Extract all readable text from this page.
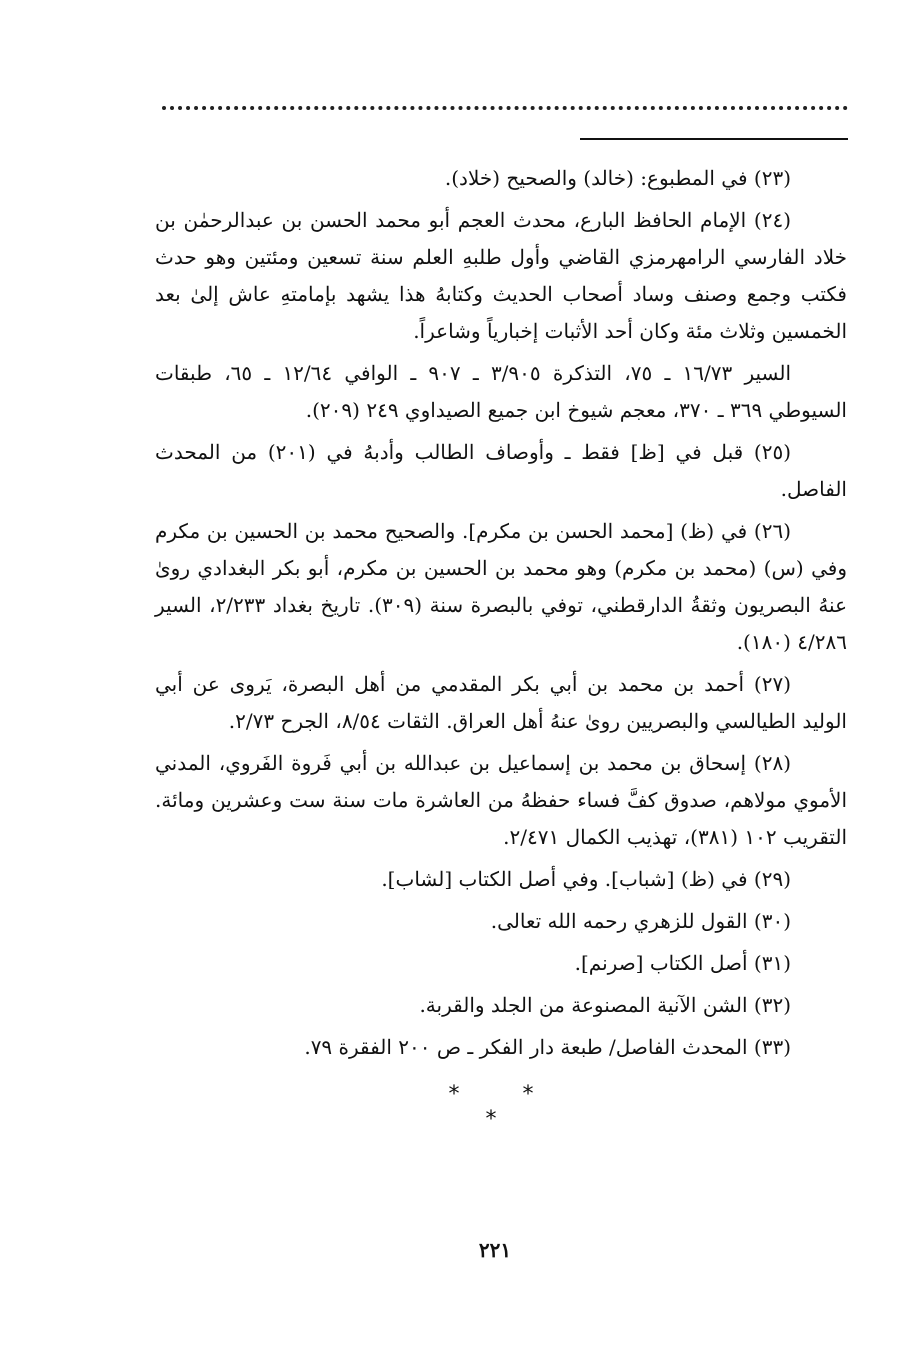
(٢٣) في المطبوع: (خالد) والصحيح (خلاد).

(٢٤) الإمام الحافظ البارع، محدث العجم أبو محمد الحسن بن عبدالرحمٰن بن خلاد الفارسي الرامهرمزي القاضي وأول طلبهِ العلم سنة تسعين ومئتين وهو حدث فكتب وجمع وصنف وساد أصحاب الحديث وكتابهُ هذا يشهد بإمامتهِ عاش إلىٰ بعد الخمسين وثلاث مئة وكان أحد الأثبات إخبارياً وشاعراً.

السير ١٦/٧٣ ـ ٧٥، التذكرة ٣/٩٠٥ ـ ٩٠٧ ـ الوافي ١٢/٦٤ ـ ٦٥، طبقات السيوطي ٣٦٩ ـ ٣٧٠، معجم شيوخ ابن جميع الصيداوي ٢٤٩ (٢٠٩).

(٢٥) قبل في [ظ] فقط ـ وأوصاف الطالب وأدبهُ في (٢٠١) من المحدث الفاصل.

(٢٦) في (ظ) [محمد الحسن بن مكرم]. والصحيح محمد بن الحسين بن مكرم وفي (س) (محمد بن مكرم) وهو محمد بن الحسين بن مكرم، أبو بكر البغدادي روىٰ عنهُ البصريون وثقةُ الدارقطني، توفي بالبصرة سنة (٣٠٩). تاريخ بغداد ٢/٢٣٣، السير ٤/٢٨٦ (١٨٠).

(٢٧) أحمد بن محمد بن أبي بكر المقدمي من أهل البصرة، يَروى عن أبي الوليد الطيالسي والبصريين روىٰ عنهُ أهل العراق. الثقات ٨/٥٤، الجرح ٢/٧٣.

(٢٨) إسحاق بن محمد بن إسماعيل بن عبدالله بن أبي فَروة الفَروي، المدني الأموي مولاهم، صدوق كفَّ فساء حفظهُ من العاشرة مات سنة ست وعشرين ومائة. التقريب ١٠٢ (٣٨١)، تهذيب الكمال ٢/٤٧١.

(٢٩) في (ظ) [شباب]. وفي أصل الكتاب [لشاب].

(٣٠) القول للزهري رحمه الله تعالى.

(٣١) أصل الكتاب [صرنم].

(٣٢) الشن الآنية المصنوعة من الجلد والقربة.

(٣٣) المحدث الفاصل/ طبعة دار الفكر ـ ص ٢٠٠ الفقرة ٧٩.

* * *
٢٢١
